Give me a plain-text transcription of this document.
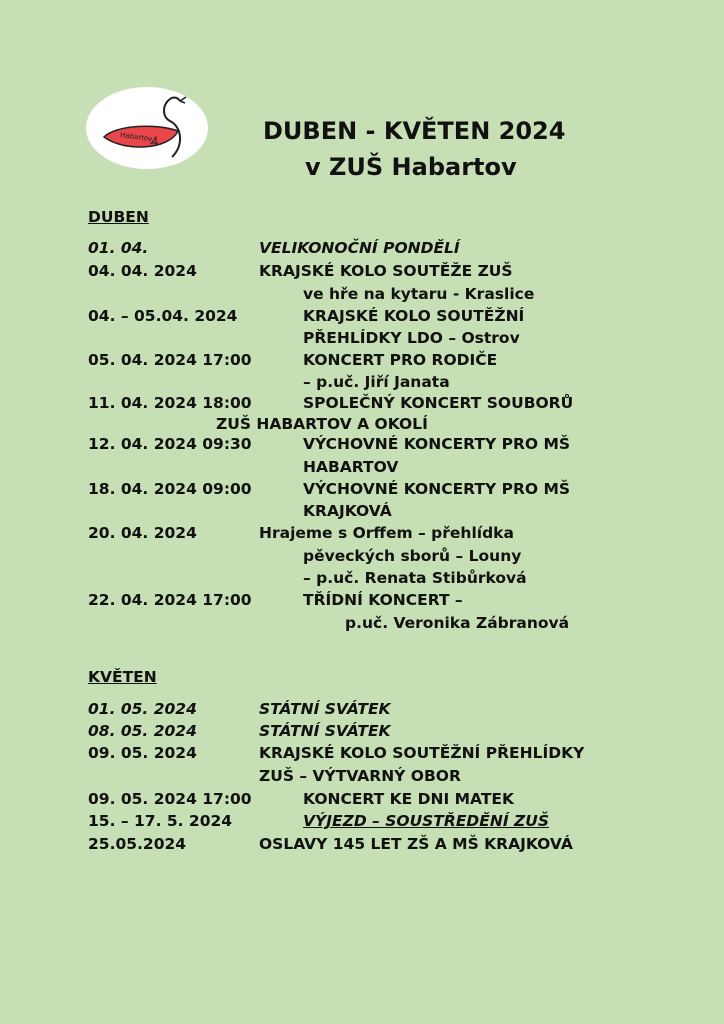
Habartov	DUBEN - KVĚTEN 2024
v ZUŠ Habartov
DUBEN
01. 04.	VELIKONOČNÍ PONDĚLÍ
04. 04. 2024	KRAJSKÉ KOLO SOUTĚŽE ZUŠ
ve hře na kytaru - Kraslice
04. – 05.04. 2024	KRAJSKÉ KOLO SOUTĚŽNÍ
PŘEHLÍDKY LDO – Ostrov
05. 04. 2024 17:00	KONCERT PRO RODIČE
– p.uč. Jiří Janata
11. 04. 2024 18:00	SPOLEČNÝ KONCERT SOUBORŮ
ZUŠ HABARTOV A OKOLÍ
12. 04. 2024 09:30	VÝCHOVNÉ KONCERTY PRO MŠ
HABARTOV
18. 04. 2024 09:00	VÝCHOVNÉ KONCERTY PRO MŠ
KRAJKOVÁ
20. 04. 2024	Hrajeme s Orffem – přehlídka
pěveckých sborů – Louny
– p.uč. Renata Stibůrková
22. 04. 2024 17:00	TŘÍDNÍ KONCERT –
p.uč. Veronika Zábranová
KVĚTEN
01. 05. 2024	STÁTNÍ SVÁTEK
08. 05. 2024	STÁTNÍ SVÁTEK
09. 05. 2024	KRAJSKÉ KOLO SOUTĚŽNÍ PŘEHLÍDKY
ZUŠ – VÝTVARNÝ OBOR
09. 05. 2024 17:00	KONCERT KE DNI MATEK
15. – 17. 5. 2024	VÝJEZD – SOUSTŘEDĚNÍ ZUŠ
25.05.2024	OSLAVY 145 LET ZŠ A MŠ KRAJKOVÁ
